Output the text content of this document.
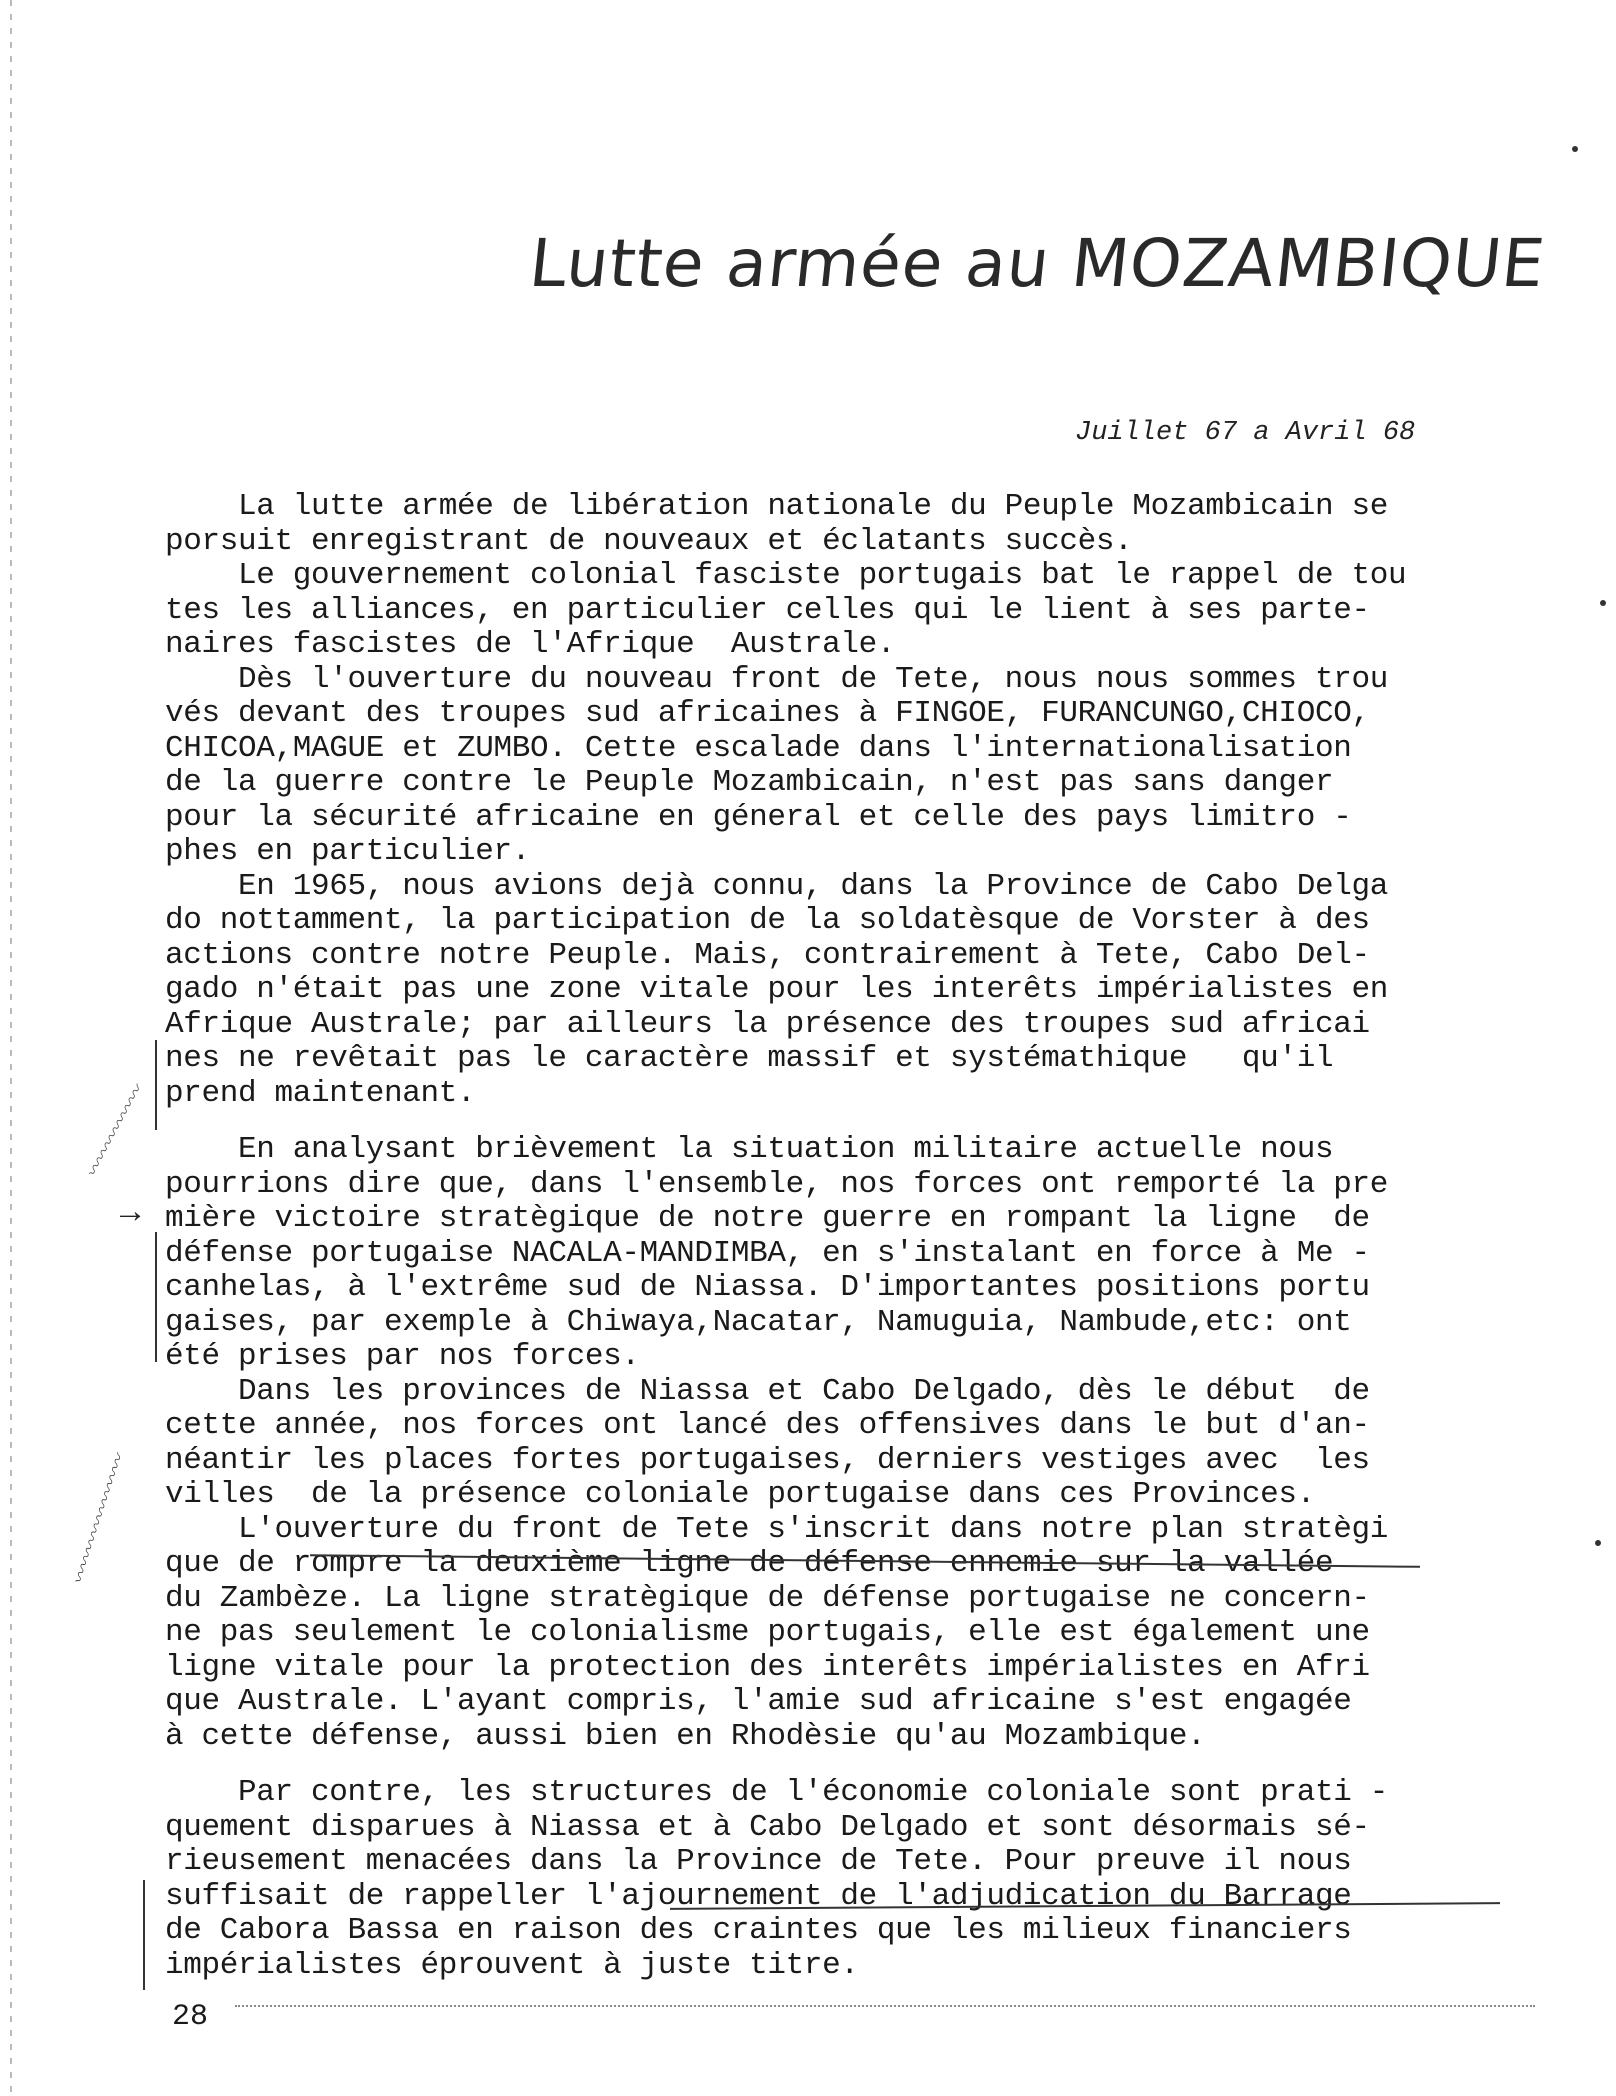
Lutte armée au MOZAMBIQUE
Juillet 67 a Avril 68
La lutte armée de libération nationale du Peuple Mozambicain se
porsuit enregistrant de nouveaux et éclatants succès.
Le gouvernement colonial fasciste portugais bat le rappel de tou
tes les alliances, en particulier celles qui le lient à ses parte-
naires fascistes de l'Afrique  Australe.
Dès l'ouverture du nouveau front de Tete, nous nous sommes trou
vés devant des troupes sud africaines à FINGOE, FURANCUNGO,CHIOCO,
CHICOA,MAGUE et ZUMBO. Cette escalade dans l'internationalisation
de la guerre contre le Peuple Mozambicain, n'est pas sans danger
pour la sécurité africaine en géneral et celle des pays limitro -
phes en particulier.
En 1965, nous avions dejà connu, dans la Province de Cabo Delga
do nottamment, la participation de la soldatèsque de Vorster à des
actions contre notre Peuple. Mais, contrairement à Tete, Cabo Del-
gado n'était pas une zone vitale pour les interêts impérialistes en
Afrique Australe; par ailleurs la présence des troupes sud africai
nes ne revêtait pas le caractère massif et systémathique   qu'il
prend maintenant.
En analysant brièvement la situation militaire actuelle nous
pourrions dire que, dans l'ensemble, nos forces ont remporté la pre
mière victoire stratègique de notre guerre en rompant la ligne  de
défense portugaise NACALA-MANDIMBA, en s'instalant en force à Me -
canhelas, à l'extrême sud de Niassa. D'importantes positions portu
gaises, par exemple à Chiwaya,Nacatar, Namuguia, Nambude,etc: ont
été prises par nos forces.
Dans les provinces de Niassa et Cabo Delgado, dès le début  de
cette année, nos forces ont lancé des offensives dans le but d'an-
néantir les places fortes portugaises, derniers vestiges avec  les
villes  de la présence coloniale portugaise dans ces Provinces.
L'ouverture du front de Tete s'inscrit dans notre plan stratègi
que de rompre la deuxième ligne de défense ennemie sur la vallée
du Zambèze. La ligne stratègique de défense portugaise ne concern-
ne pas seulement le colonialisme portugais, elle est également une
ligne vitale pour la protection des interêts impérialistes en Afri
que Australe. L'ayant compris, l'amie sud africaine s'est engagée
à cette défense, aussi bien en Rhodèsie qu'au Mozambique.
Par contre, les structures de l'économie coloniale sont prati -
quement disparues à Niassa et à Cabo Delgado et sont désormais sé-
rieusement menacées dans la Province de Tete. Pour preuve il nous
suffisait de rappeller l'ajournement de l'adjudication du Barrage
de Cabora Bassa en raison des craintes que les milieux financiers
impérialistes éprouvent à juste titre.
〰〰〰〰〰〰
〰〰〰〰〰〰〰〰
→
28
